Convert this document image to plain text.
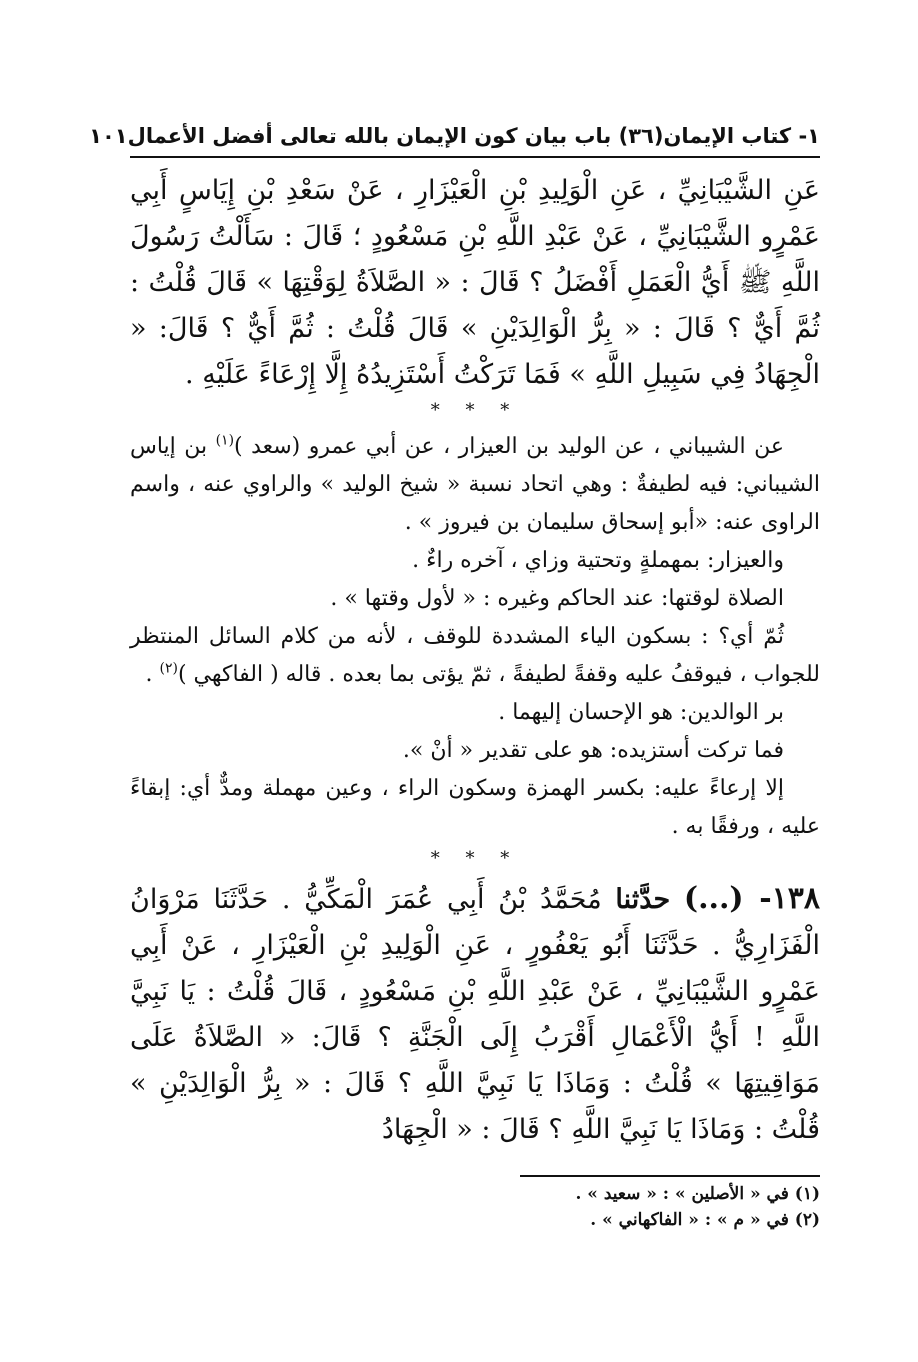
١- كتاب الإيمان
(٣٦) باب بيان كون الإيمان بالله تعالى أفضل الأعمال
١٠١

عَنِ الشَّيْبَانِيِّ ، عَنِ الْوَلِيدِ بْنِ الْعَيْزَارِ ، عَنْ سَعْدِ بْنِ إِيَاسٍ أَبِي عَمْرٍو الشَّيْبَانِيِّ ، عَنْ عَبْدِ اللَّهِ بْنِ مَسْعُودٍ ؛ قَالَ : سَأَلْتُ رَسُولَ اللَّهِ ﷺ أَيُّ الْعَمَلِ أَفْضَلُ ؟ قَالَ : « الصَّلاَةُ لِوَقْتِهَا » قَالَ قُلْتُ : ثُمَّ أَيٌّ ؟ قَالَ : « بِرُّ الْوَالِدَيْنِ » قَالَ قُلْتُ : ثُمَّ أَيٌّ ؟ قَالَ: « الْجِهَادُ فِي سَبِيلِ اللَّهِ » فَمَا تَرَكْتُ أَسْتَزِيدُهُ إِلَّا إِرْعَاءً عَلَيْهِ .

* * *

عن الشيباني ، عن الوليد بن العيزار ، عن أبي عمرو (سعد )$^{(١)}$ بن إياس الشيباني: فيه لطيفةٌ : وهي اتحاد نسبة « شيخ الوليد » والراوي عنه ، واسم الراوى عنه: «أبو إسحاق سليمان بن فيروز » .

والعيزار: بمهملةٍ وتحتية وزاي ، آخره راءٌ .

الصلاة لوقتها: عند الحاكم وغيره : « لأول وقتها » .

ثُمّ أي؟ : بسكون الياء المشددة للوقف ، لأنه من كلام السائل المنتظر للجواب ، فيوقفُ عليه وقفةً لطيفةً ، ثمّ يؤتى بما بعده . قاله ( الفاكهي )$^{(٢)}$ .

بر الوالدين: هو الإحسان إليهما .

فما تركت أستزيده: هو على تقدير « أنْ ».

إلا إرعاءً عليه: بكسر الهمزة وسكون الراء ، وعين مهملة ومدٌّ أي: إبقاءً عليه ، ورفقًا به .

* * *

١٣٨- (...) حدَّثنا مُحَمَّدُ بْنُ أَبِي عُمَرَ الْمَكِّيُّ . حَدَّثَنَا مَرْوَانُ الْفَزَارِيُّ . حَدَّثَنَا أَبُو يَعْفُورٍ ، عَنِ الْوَلِيدِ بْنِ الْعَيْزَارِ ، عَنْ أَبِي عَمْرٍو الشَّيْبَانِيِّ ، عَنْ عَبْدِ اللَّهِ بْنِ مَسْعُودٍ ، قَالَ قُلْتُ : يَا نَبِيَّ اللَّهِ ! أَيُّ الْأَعْمَالِ أَقْرَبُ إِلَى الْجَنَّةِ ؟ قَالَ: « الصَّلاَةُ عَلَى مَوَاقِيتِهَا » قُلْتُ : وَمَاذَا يَا نَبِيَّ اللَّهِ ؟ قَالَ : « بِرُّ الْوَالِدَيْنِ » قُلْتُ : وَمَاذَا يَا نَبِيَّ اللَّهِ ؟ قَالَ : « الْجِهَادُ

(١) في « الأصلين » : « سعيد » .

(٢) في « م » : « الفاكهاني » .
